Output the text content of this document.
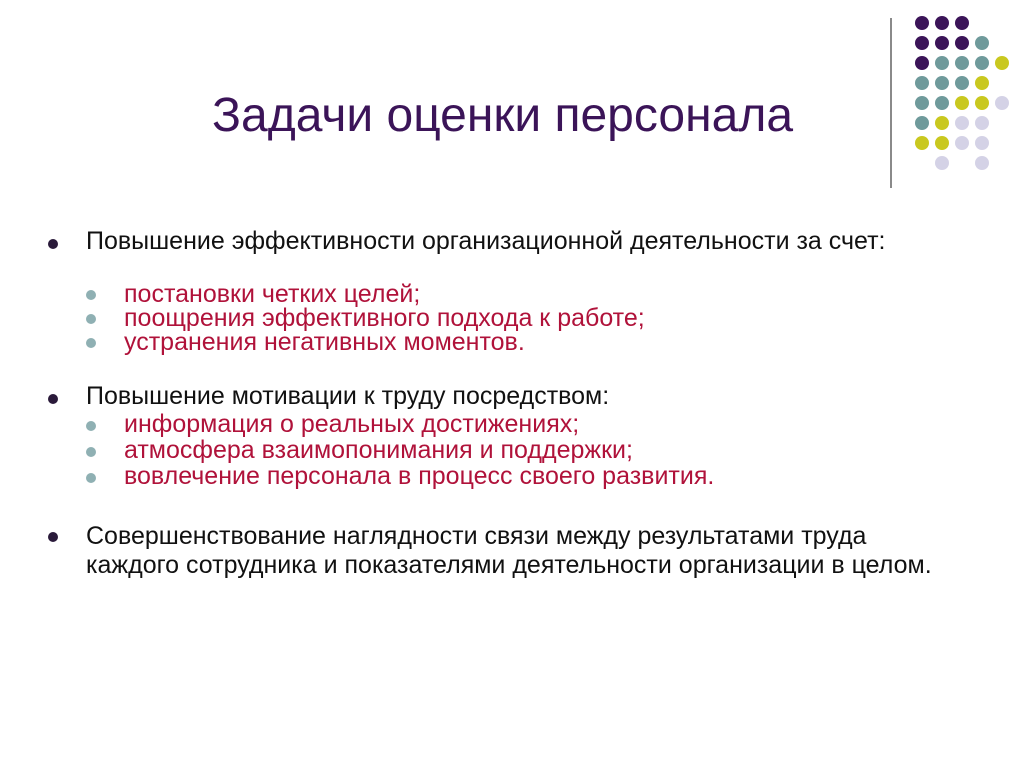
Задачи оценки персонала
Повышение эффективности организационной деятельности за счет:
постановки четких целей;
поощрения эффективного подхода к работе;
устранения негативных моментов.
Повышение мотивации к труду посредством:
информация о реальных достижениях;
атмосфера взаимопонимания и поддержки;
вовлечение персонала в процесс своего развития.
Совершенствование наглядности связи между результатами труда каждого сотрудника и показателями деятельности организации в целом.
